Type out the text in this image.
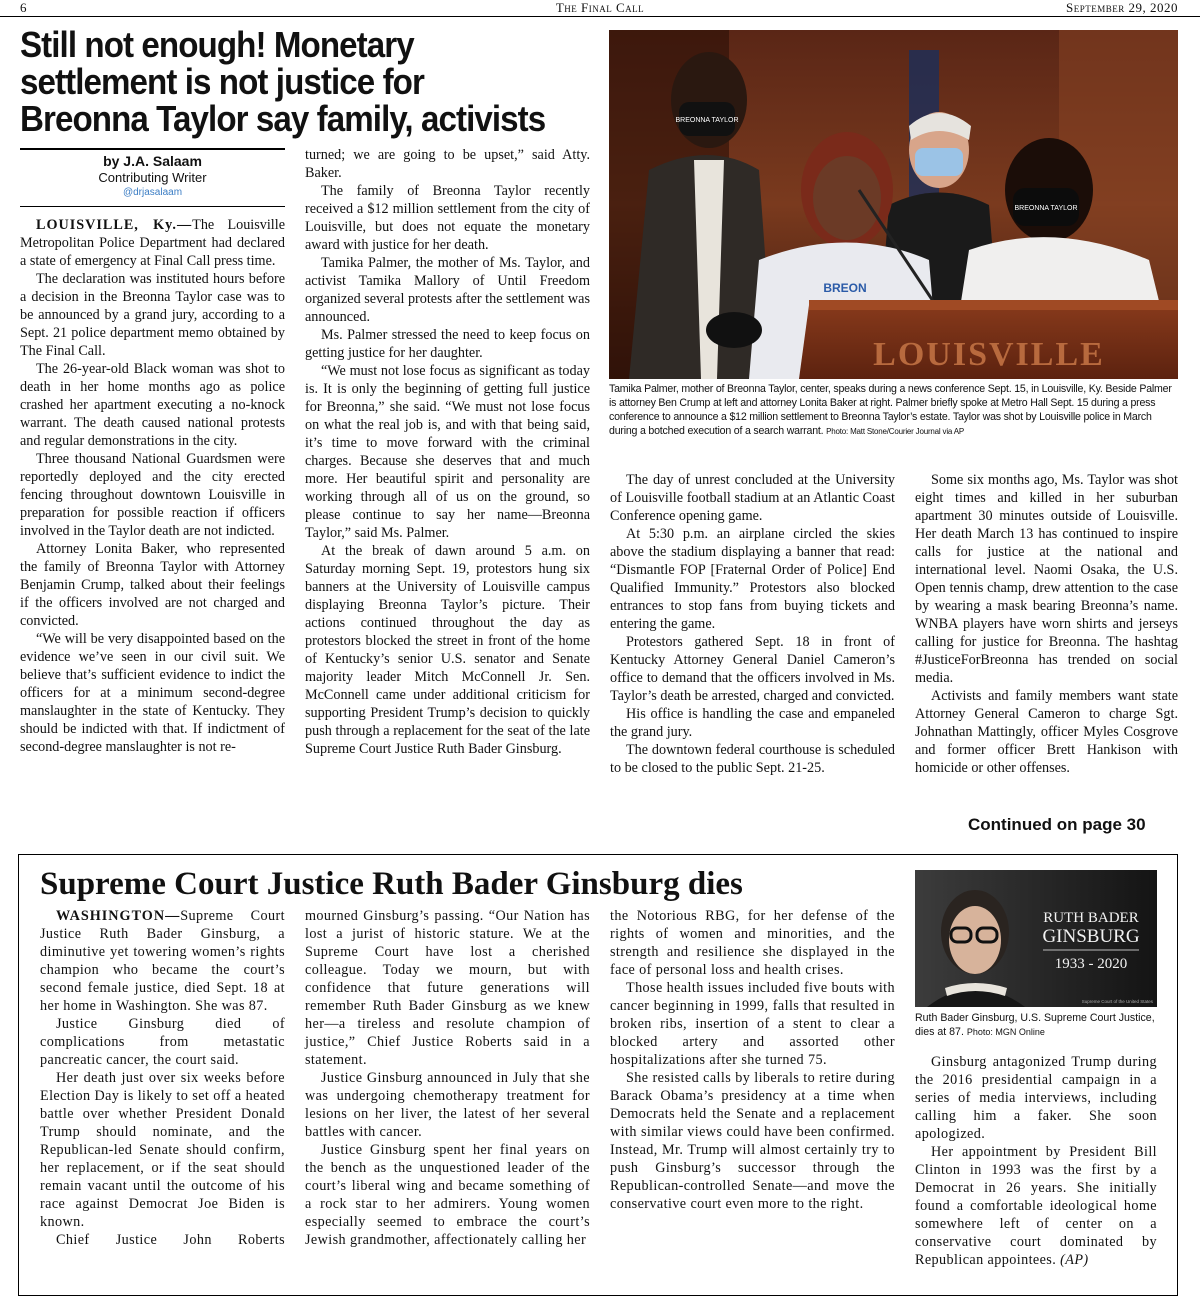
6	The Final Call	September 29, 2020
Still not enough! Monetary settlement is not justice for Breonna Taylor say family, activists
by J.A. Salaam
Contributing Writer
@drjasalaam

LOUISVILLE, Ky.—The Louisville Metropolitan Police Department had declared a state of emergency at Final Call press time.

The declaration was instituted hours before a decision in the Breonna Taylor case was to be announced by a grand jury, according to a Sept. 21 police department memo obtained by The Final Call.

The 26-year-old Black woman was shot to death in her home months ago as police crashed her apartment executing a no-knock warrant. The death caused national protests and regular demonstrations in the city.

Three thousand National Guardsmen were reportedly deployed and the city erected fencing throughout downtown Louisville in preparation for possible reaction if officers involved in the Taylor death are not indicted.

Attorney Lonita Baker, who represented the family of Breonna Taylor with Attorney Benjamin Crump, talked about their feelings if the officers involved are not charged and convicted.

“We will be very disappointed based on the evidence we’ve seen in our civil suit. We believe that’s sufficient evidence to indict the officers for at a minimum second-degree manslaughter in the state of Kentucky. They should be indicted with that. If indictment of second-degree manslaughter is not re-

turned; we are going to be upset,” said Atty. Baker.

The family of Breonna Taylor recently received a $12 million settlement from the city of Louisville, but does not equate the monetary award with justice for her death.

Tamika Palmer, the mother of Ms. Taylor, and activist Tamika Mallory of Until Freedom organized several protests after the settlement was announced.

Ms. Palmer stressed the need to keep focus on getting justice for her daughter.

“We must not lose focus as significant as today is. It is only the beginning of getting full justice for Breonna,” she said. “We must not lose focus on what the real job is, and with that being said, it’s time to move forward with the criminal charges. Because she deserves that and much more. Her beautiful spirit and personality are working through all of us on the ground, so please continue to say her name—Breonna Taylor,” said Ms. Palmer.

At the break of dawn around 5 a.m. on Saturday morning Sept. 19, protestors hung six banners at the University of Louisville campus displaying Breonna Taylor’s picture. Their actions continued throughout the day as protestors blocked the street in front of the home of Kentucky’s senior U.S. senator and Senate majority leader Mitch McConnell Jr. Sen. McConnell came under additional criticism for supporting President Trump’s decision to quickly push through a replacement for the seat of the late Supreme Court Justice Ruth Bader Ginsburg.

BREONNA TAYLOR
BREON
BREONNA TAYLOR
LOUISVILLE
Tamika Palmer, mother of Breonna Taylor, center, speaks during a news conference Sept. 15, in Louisville, Ky. Beside Palmer is attorney Ben Crump at left and attorney Lonita Baker at right. Palmer briefly spoke at Metro Hall Sept. 15 during a press conference to announce a $12 million settlement to Breonna Taylor’s estate. Taylor was shot by Louisville police in March during a botched execution of a search warrant. Photo: Matt Stone/Courier Journal via AP

The day of unrest concluded at the University of Louisville football stadium at an Atlantic Coast Conference opening game.

At 5:30 p.m. an airplane circled the skies above the stadium displaying a banner that read: “Dismantle FOP [Fraternal Order of Police] End Qualified Immunity.” Protestors also blocked entrances to stop fans from buying tickets and entering the game.

Protestors gathered Sept. 18 in front of Kentucky Attorney General Daniel Cameron’s office to demand that the officers involved in Ms. Taylor’s death be arrested, charged and convicted.

His office is handling the case and empaneled the grand jury.

The downtown federal courthouse is scheduled to be closed to the public Sept. 21-25.

Some six months ago, Ms. Taylor was shot eight times and killed in her suburban apartment 30 minutes outside of Louisville. Her death March 13 has continued to inspire calls for justice at the national and international level. Naomi Osaka, the U.S. Open tennis champ, drew attention to the case by wearing a mask bearing Breonna’s name. WNBA players have worn shirts and jerseys calling for justice for Breonna. The hashtag #JusticeForBreonna has trended on social media.

Activists and family members want state Attorney General Cameron to charge Sgt. Johnathan Mattingly, officer Myles Cosgrove and former officer Brett Hankison with homicide or other offenses.

Continued on page 30
Supreme Court Justice Ruth Bader Ginsburg dies

WASHINGTON—Supreme Court Justice Ruth Bader Ginsburg, a diminutive yet towering women’s rights champion who became the court’s second female justice, died Sept. 18 at her home in Washington. She was 87.

Justice Ginsburg died of complications from metastatic pancreatic cancer, the court said.

Her death just over six weeks before Election Day is likely to set off a heated battle over whether President Donald Trump should nominate, and the Republican-led Senate should confirm, her replacement, or if the seat should remain vacant until the outcome of his race against Democrat Joe Biden is known.

Chief Justice John Roberts

mourned Ginsburg’s passing. “Our Nation has lost a jurist of historic stature. We at the Supreme Court have lost a cherished colleague. Today we mourn, but with confidence that future generations will remember Ruth Bader Ginsburg as we knew her—a tireless and resolute champion of justice,” Chief Justice Roberts said in a statement.

Justice Ginsburg announced in July that she was undergoing chemotherapy treatment for lesions on her liver, the latest of her several battles with cancer.

Justice Ginsburg spent her final years on the bench as the unquestioned leader of the court’s liberal wing and became something of a rock star to her admirers. Young women especially seemed to embrace the court’s Jewish grandmother, affectionately calling her

the Notorious RBG, for her defense of the rights of women and minorities, and the strength and resilience she displayed in the face of personal loss and health crises.

Those health issues included five bouts with cancer beginning in 1999, falls that resulted in broken ribs, insertion of a stent to clear a blocked artery and assorted other hospitalizations after she turned 75.

She resisted calls by liberals to retire during Barack Obama’s presidency at a time when Democrats held the Senate and a replacement with similar views could have been confirmed. Instead, Mr. Trump will almost certainly try to push Ginsburg’s successor through the Republican-controlled Senate—and move the conservative court even more to the right.

RUTH BADER
GINSBURG
1933 - 2020
Supreme Court of the United States
Ruth Bader Ginsburg, U.S. Supreme Court Justice, dies at 87. Photo: MGN Online

Ginsburg antagonized Trump during the 2016 presidential campaign in a series of media interviews, including calling him a faker. She soon apologized.

Her appointment by President Bill Clinton in 1993 was the first by a Democrat in 26 years. She initially found a comfortable ideological home somewhere left of center on a conservative court dominated by Republican appointees. (AP)
